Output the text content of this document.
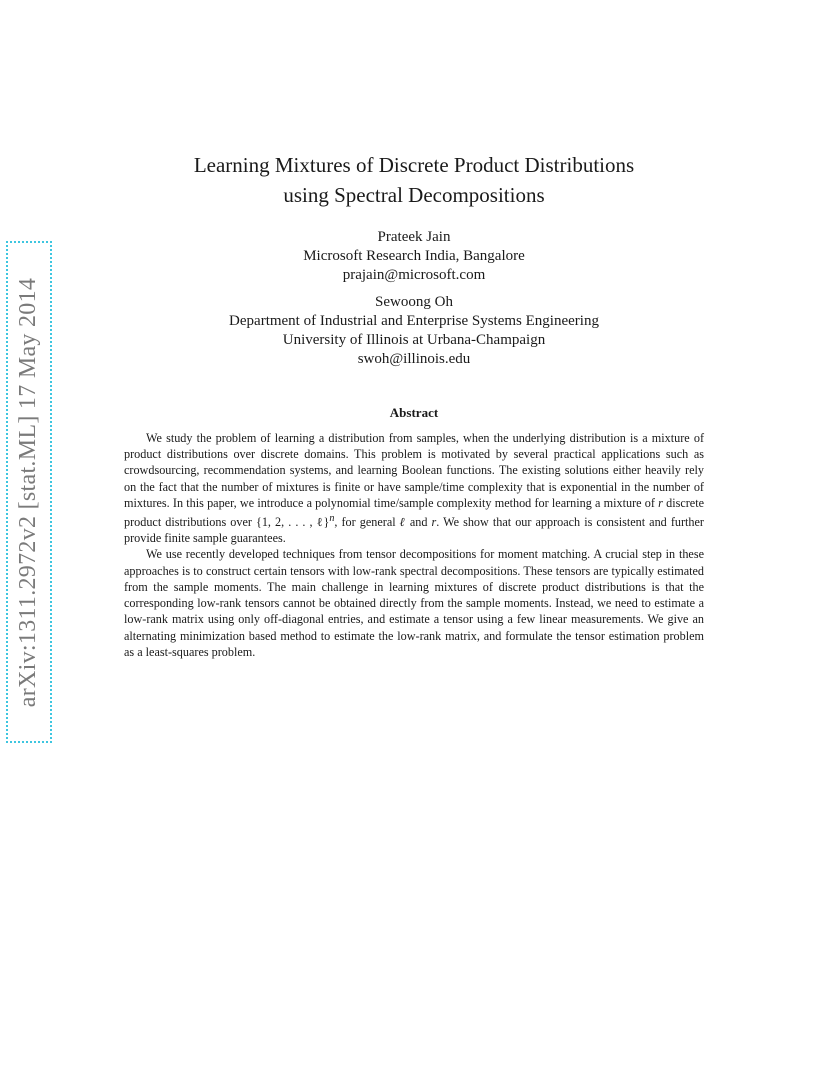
arXiv:1311.2972v2 [stat.ML] 17 May 2014
Learning Mixtures of Discrete Product Distributions
using Spectral Decompositions
Prateek Jain
Microsoft Research India, Bangalore
prajain@microsoft.com
Sewoong Oh
Department of Industrial and Enterprise Systems Engineering
University of Illinois at Urbana-Champaign
swoh@illinois.edu
Abstract

We study the problem of learning a distribution from samples, when the underlying distribution is a mixture of product distributions over discrete domains. This problem is motivated by several practical applications such as crowdsourcing, recommendation systems, and learning Boolean functions. The existing solutions either heavily rely on the fact that the number of mixtures is finite or have sample/time complexity that is exponential in the number of mixtures. In this paper, we introduce a polynomial time/sample complexity method for learning a mixture of r discrete product distributions over {1, 2, . . . , ℓ}$^n$, for general ℓ and r. We show that our approach is consistent and further provide finite sample guarantees.

We use recently developed techniques from tensor decompositions for moment matching. A crucial step in these approaches is to construct certain tensors with low-rank spectral decompositions. These tensors are typically estimated from the sample moments. The main challenge in learning mixtures of discrete product distributions is that the corresponding low-rank tensors cannot be obtained directly from the sample moments. Instead, we need to estimate a low-rank matrix using only off-diagonal entries, and estimate a tensor using a few linear measurements. We give an alternating minimization based method to estimate the low-rank matrix, and formulate the tensor estimation problem as a least-squares problem.
